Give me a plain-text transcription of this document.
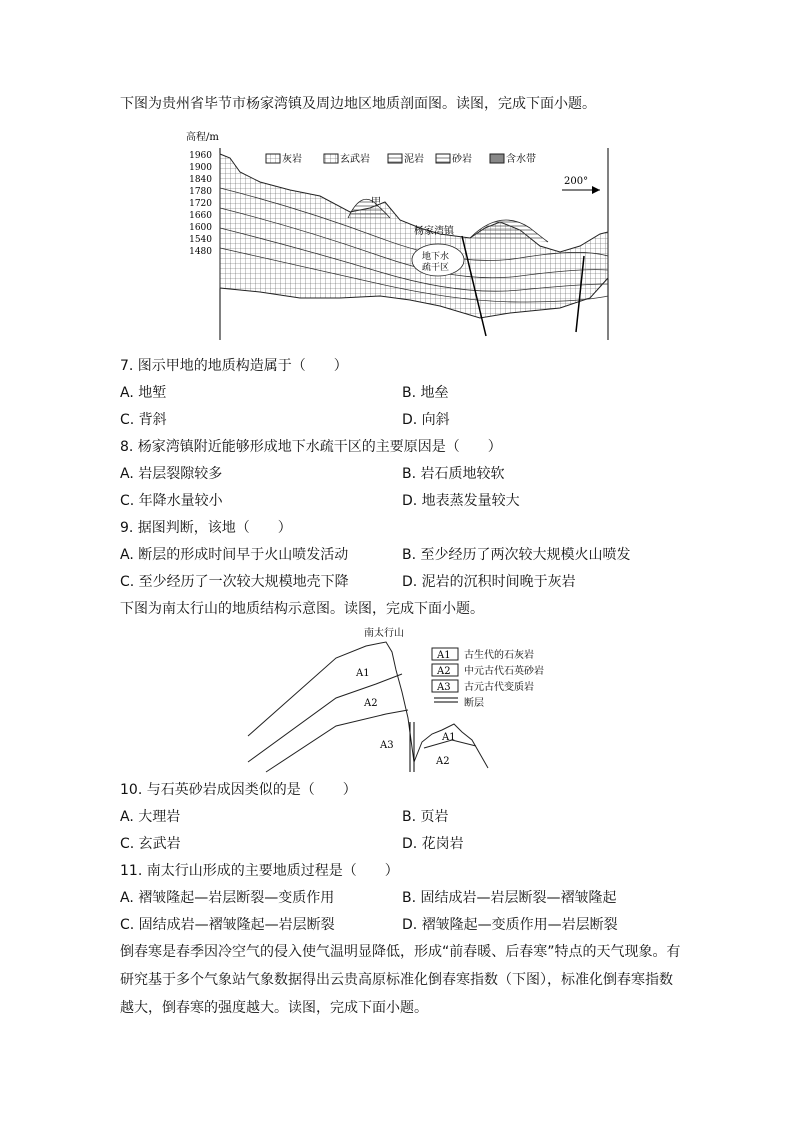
下图为贵州省毕节市杨家湾镇及周边地区地质剖面图。读图，完成下面小题。
高程/m
1960
1900
1840
1780
1720
1660
1600
1540
1480
甲
地下水
疏干区
杨家湾镇
灰岩	玄武岩	泥岩	砂岩	含水带
200°
7. 图示甲地的地质构造属于（　　）
A. 地堑	B. 地垒
C. 背斜	D. 向斜
8. 杨家湾镇附近能够形成地下水疏干区的主要原因是（　　）
A. 岩层裂隙较多	B. 岩石质地较软
C. 年降水量较小	D. 地表蒸发量较大
9. 据图判断，该地（　　）
A. 断层的形成时间早于火山喷发活动	B. 至少经历了两次较大规模火山喷发
C. 至少经历了一次较大规模地壳下降	D. 泥岩的沉积时间晚于灰岩
下图为南太行山的地质结构示意图。读图，完成下面小题。
南太行山
A1
A2
A3
A1
A2
A1 古生代的石灰岩
A2 中元古代石英砂岩
A3 古元古代变质岩
断层
10. 与石英砂岩成因类似的是（　　）
A. 大理岩	B. 页岩
C. 玄武岩	D. 花岗岩
11. 南太行山形成的主要地质过程是（　　）
A. 褶皱隆起—岩层断裂—变质作用	B. 固结成岩—岩层断裂—褶皱隆起
C. 固结成岩—褶皱隆起—岩层断裂	D. 褶皱隆起—变质作用—岩层断裂
倒春寒是春季因冷空气的侵入使气温明显降低，形成“前春暖、后春寒”特点的天气现象。有
研究基于多个气象站气象数据得出云贵高原标准化倒春寒指数（下图），标准化倒春寒指数
越大，倒春寒的强度越大。读图，完成下面小题。
